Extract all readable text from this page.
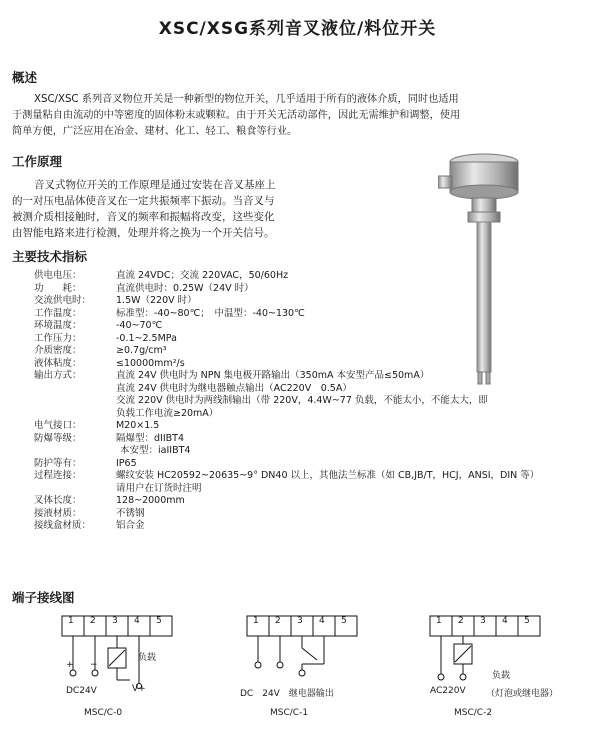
XSC/XSG系列音叉液位/料位开关
概述

XSC/XSC 系列音叉物位开关是一种新型的物位开关，几乎适用于所有的液体介质，同时也适用

于测量粘自由流动的中等密度的固体粉末或颗粒。由于开关无活动部件，因此无需维护和调整，使用

简单方便，广泛应用在冶金、建材、化工、轻工、粮食等行业。

工作原理

音叉式物位开关的工作原理是通过安装在音叉基座上

的一对压电晶体使音叉在一定共振频率下振动。当音叉与

被测介质相接触时，音叉的频率和振幅将改变，这些变化

由智能电路来进行检测，处理并将之换为一个开关信号。

主要技术指标
供电电压：	直流 24VDC；交流 220VAC，50/60Hz
功　　耗：	直流供电时：0.25W（24V 时）
交流供电时：	1.5W（220V 时）
工作温度：	标准型：-40~80℃；　中温型：-40~130℃
环境温度：	-40~70℃
工作压力：	-0.1~2.5MPa
介质密度：	≥0.7g/cm³
液体粘度：	≤10000mm²/s
输出方式：	直流 24V 供电时为 NPN 集电极开路输出（350mA 本安型产品≤50mA）
直流 24V 供电时为继电器触点输出（AC220V　0.5A）
交流 220V 供电时为两线制输出（带 220V，4.4W~77 负载，不能太小，不能太大，即
负载工作电流≥20mA）
电气接口：	M20×1.5
防爆等级：	隔爆型：dIIBT4
本安型：iaIIBT4
防护等有：	IP65
过程连接：	螺纹安装 HC20592~20635~9° DN40 以上，其他法兰标准（如 CB,JB/T，HCJ，ANSI，DIN 等）
请用户在订货时注明
叉体长度：	128~2000mm
接液材质：	不锈钢
接线盒材质：	铝合金
端子接线图
1 2 3 4 5
+ −
负载
DC24V	V+
MSC/C-0
1 2 3 4 5
DC　24V　继电器输出
MSC/C-1
1 2 3 4 5
负载
AC220V （灯泡或继电器）
MSC/C-2
